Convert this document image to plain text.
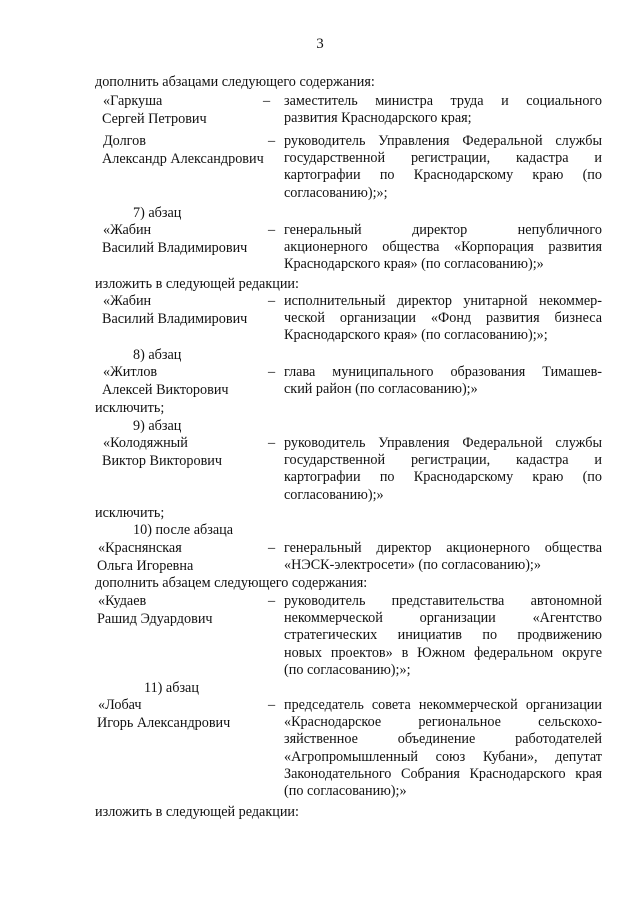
3
дополнить абзацами следующего содержания:
«Гаркуша
Сергей Петрович
– заместитель министра труда и социального
развития Краснодарского края;
Долгов
Александр Александрович
– руководитель Управления Федеральной службы
государственной регистрации, кадастра и
картографии по Краснодарскому краю (по
согласованию);»;
7) абзац
«Жабин
Василий Владимирович
– генеральный директор непубличного
акционерного общества «Корпорация развития
Краснодарского края» (по согласованию);»
изложить в следующей редакции:
«Жабин
Василий Владимирович
– исполнительный директор унитарной некоммер-
ческой организации «Фонд развития бизнеса
Краснодарского края» (по согласованию);»;
8) абзац
«Житлов
Алексей Викторович
– глава муниципального образования Тимашев-
ский район (по согласованию);»
исключить;
9) абзац
«Колодяжный
Виктор Викторович
– руководитель Управления Федеральной службы
государственной регистрации, кадастра и
картографии по Краснодарскому краю (по
согласованию);»
исключить;
10) после абзаца
«Краснянская
Ольга Игоревна
– генеральный директор акционерного общества
«НЭСК-электросети» (по согласованию);»
дополнить абзацем следующего содержания:
«Кудаев
Рашид Эдуардович
– руководитель представительства автономной
некоммерческой организации «Агентство
стратегических инициатив по продвижению
новых проектов» в Южном федеральном округе
(по согласованию);»;
11) абзац
«Лобач
Игорь Александрович
– председатель совета некоммерческой организации
«Краснодарское региональное сельскохо-
зяйственное объединение работодателей
«Агропромышленный союз Кубани», депутат
Законодательного Собрания Краснодарского края
(по согласованию);»
изложить в следующей редакции:
